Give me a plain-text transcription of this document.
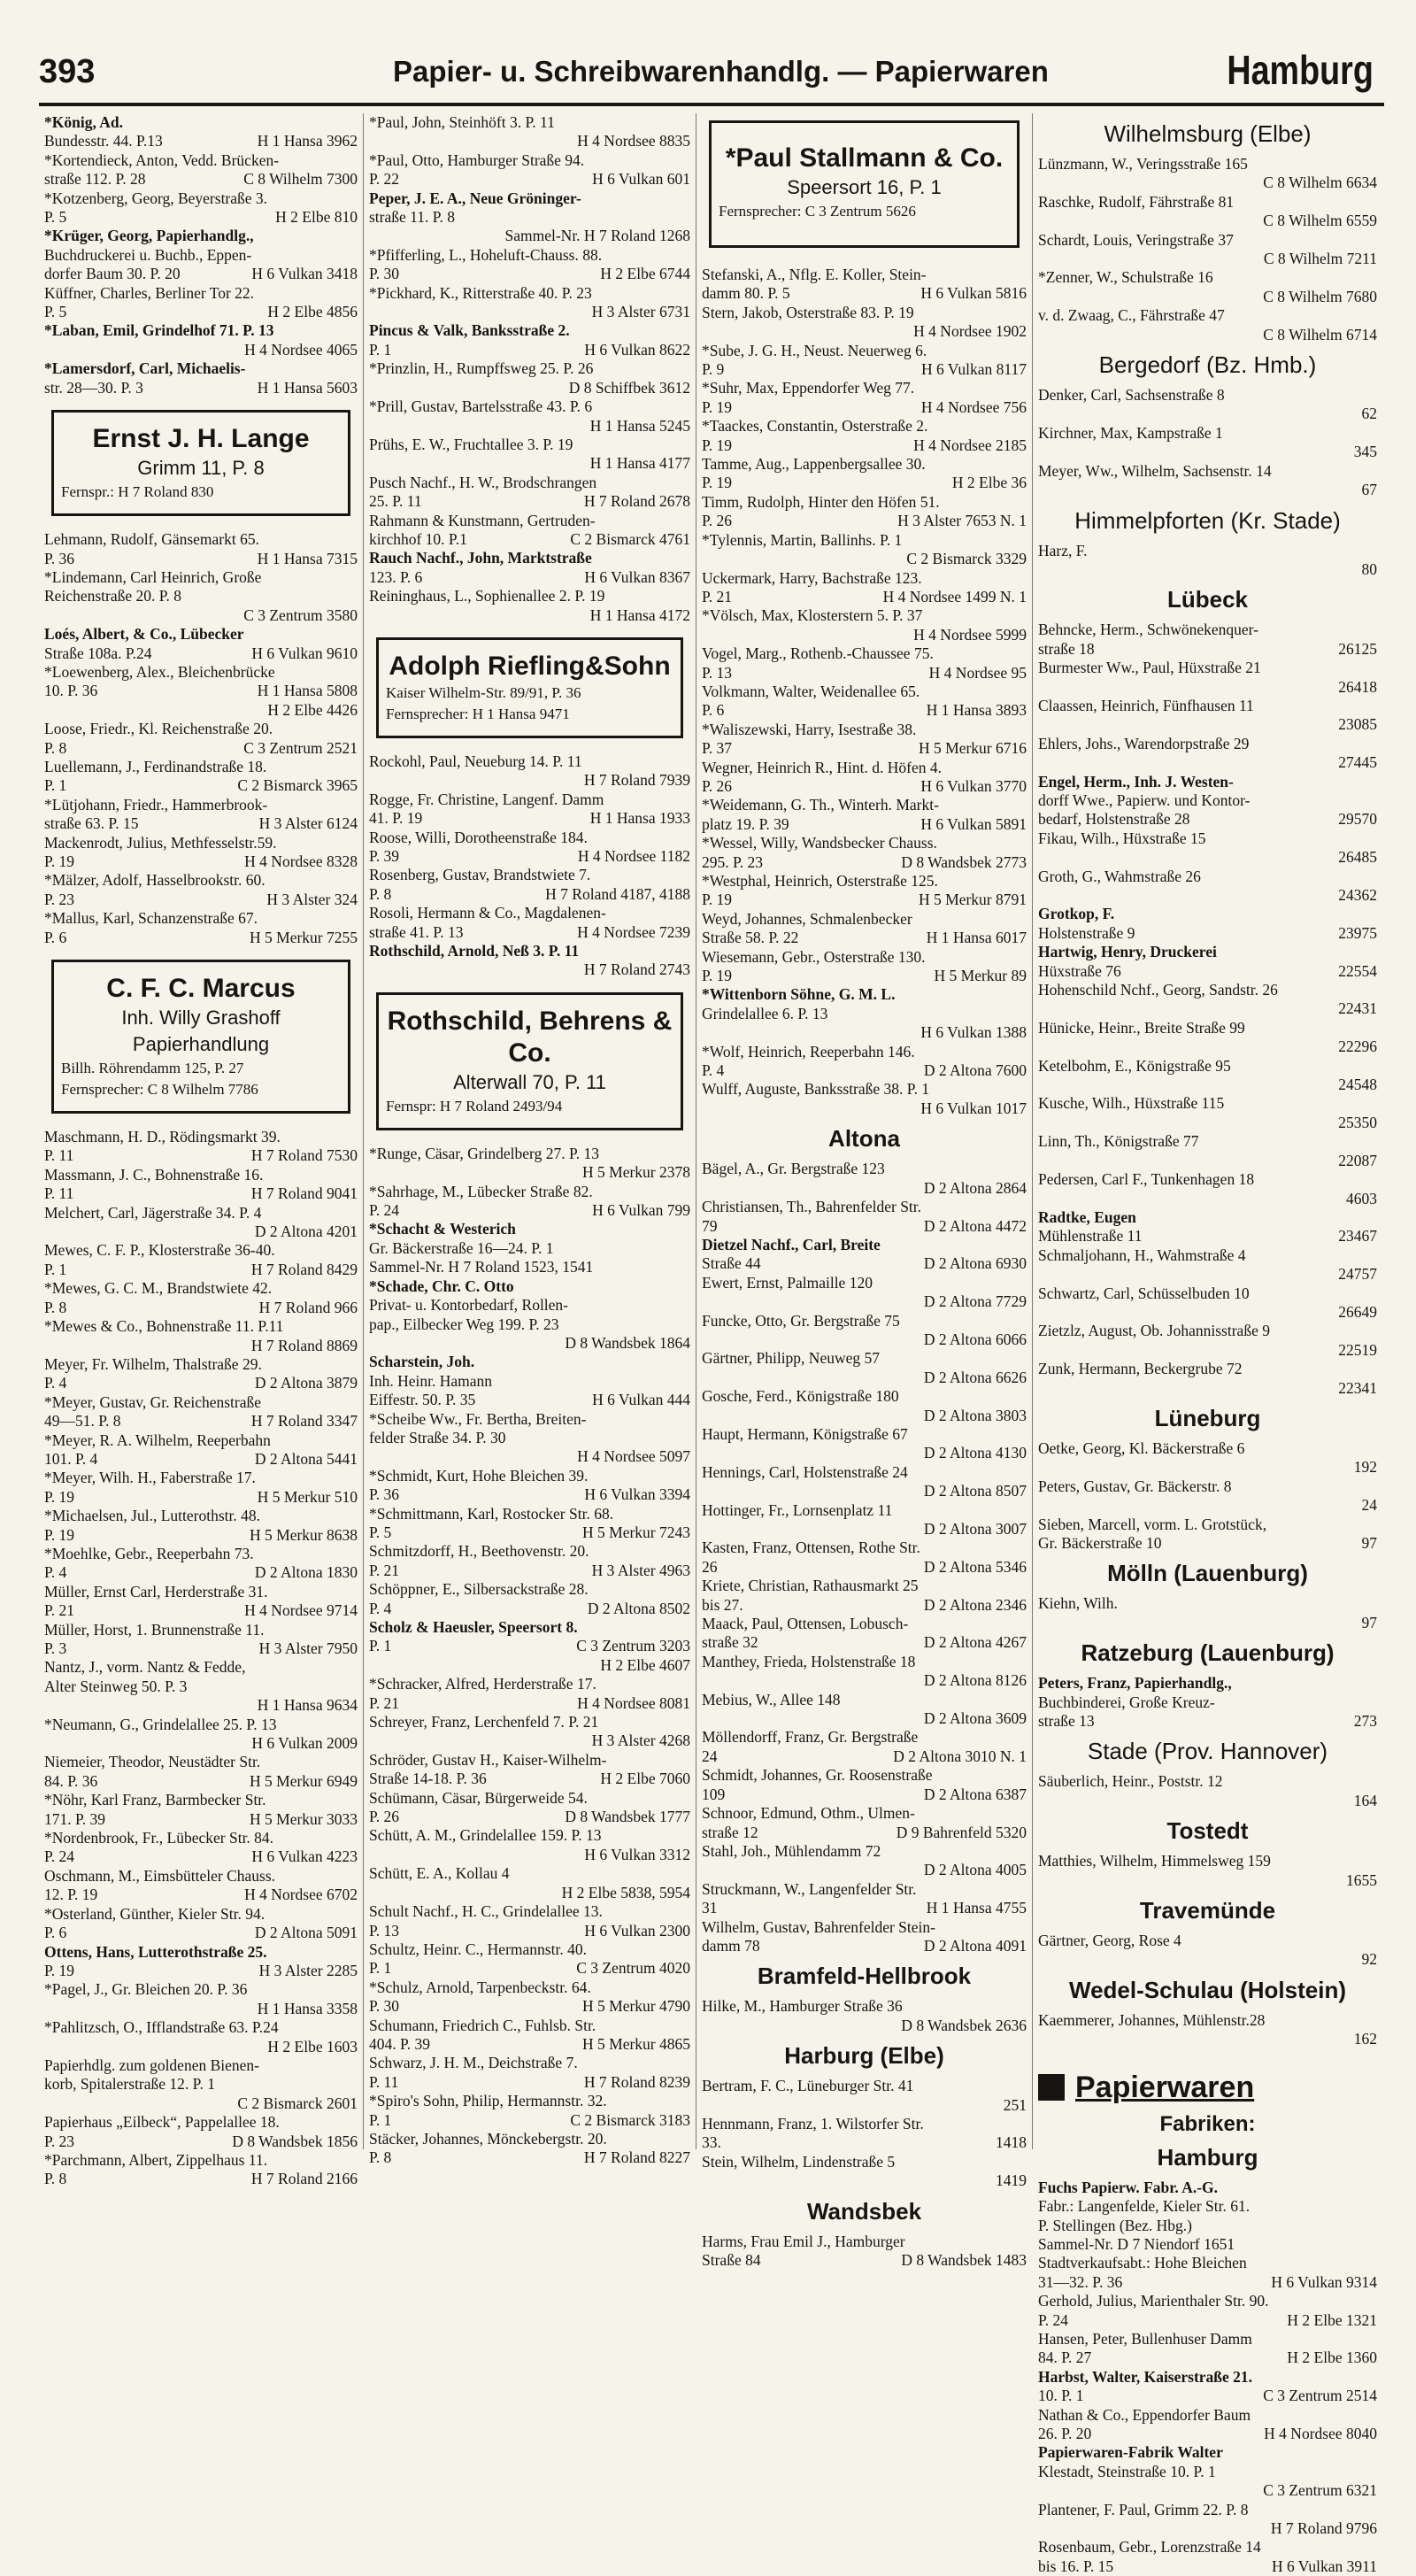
393	Papier- u. Schreibwarenhandlg. — Papierwaren	Hamburg
*König, Ad.
Bundesstr. 44. P.13	H 1 Hansa 3962
*Kortendieck, Anton, Vedd. Brücken-
straße 112. P. 28	C 8 Wilhelm 7300
*Kotzenberg, Georg, Beyerstraße 3.
P. 5	H 2 Elbe 810
*Krüger, Georg, Papierhandlg.,
Buchdruckerei u. Buchb., Eppen-
dorfer Baum 30. P. 20	H 6 Vulkan 3418
Küffner, Charles, Berliner Tor 22.
P. 5	H 2 Elbe 4856
*Laban, Emil, Grindelhof 71. P. 13
H 4 Nordsee 4065
*Lamersdorf, Carl, Michaelis-
str. 28—30. P. 3	H 1 Hansa 5603
Ernst J. H. Lange
Grimm 11, P. 8
Fernspr.: H 7 Roland 830
Lehmann, Rudolf, Gänsemarkt 65.
P. 36	H 1 Hansa 7315
*Lindemann, Carl Heinrich, Große
Reichenstraße 20. P. 8
C 3 Zentrum 3580
Loés, Albert, & Co., Lübecker
Straße 108a. P.24	H 6 Vulkan 9610
*Loewenberg, Alex., Bleichenbrücke
10. P. 36	H 1 Hansa 5808
H 2 Elbe 4426
Loose, Friedr., Kl. Reichenstraße 20.
P. 8	C 3 Zentrum 2521
Luellemann, J., Ferdinandstraße 18.
P. 1	C 2 Bismarck 3965
*Lütjohann, Friedr., Hammerbrook-
straße 63. P. 15	H 3 Alster 6124
Mackenrodt, Julius, Methfesselstr.59.
P. 19	H 4 Nordsee 8328
*Mälzer, Adolf, Hasselbrookstr. 60.
P. 23	H 3 Alster 324
*Mallus, Karl, Schanzenstraße 67.
P. 6	H 5 Merkur 7255
C. F. C. Marcus
Inh. Willy Grashoff
Papierhandlung
Billh. Röhrendamm 125, P. 27
Fernsprecher: C 8 Wilhelm 7786
Maschmann, H. D., Rödingsmarkt 39.
P. 11	H 7 Roland 7530
Massmann, J. C., Bohnenstraße 16.
P. 11	H 7 Roland 9041
Melchert, Carl, Jägerstraße 34. P. 4
D 2 Altona 4201
Mewes, C. F. P., Klosterstraße 36-40.
P. 1	H 7 Roland 8429
*Mewes, G. C. M., Brandstwiete 42.
P. 8	H 7 Roland 966
*Mewes & Co., Bohnenstraße 11. P.11
H 7 Roland 8869
Meyer, Fr. Wilhelm, Thalstraße 29.
P. 4	D 2 Altona 3879
*Meyer, Gustav, Gr. Reichenstraße
49—51. P. 8	H 7 Roland 3347
*Meyer, R. A. Wilhelm, Reeperbahn
101. P. 4	D 2 Altona 5441
*Meyer, Wilh. H., Faberstraße 17.
P. 19	H 5 Merkur 510
*Michaelsen, Jul., Lutterothstr. 48.
P. 19	H 5 Merkur 8638
*Moehlke, Gebr., Reeperbahn 73.
P. 4	D 2 Altona 1830
Müller, Ernst Carl, Herderstraße 31.
P. 21	H 4 Nordsee 9714
Müller, Horst, 1. Brunnenstraße 11.
P. 3	H 3 Alster 7950
Nantz, J., vorm. Nantz & Fedde,
Alter Steinweg 50. P. 3
H 1 Hansa 9634
*Neumann, G., Grindelallee 25. P. 13
H 6 Vulkan 2009
Niemeier, Theodor, Neustädter Str.
84. P. 36	H 5 Merkur 6949
*Nöhr, Karl Franz, Barmbecker Str.
171. P. 39	H 5 Merkur 3033
*Nordenbrook, Fr., Lübecker Str. 84.
P. 24	H 6 Vulkan 4223
Oschmann, M., Eimsbütteler Chauss.
12. P. 19	H 4 Nordsee 6702
*Osterland, Günther, Kieler Str. 94.
P. 6	D 2 Altona 5091
Ottens, Hans, Lutterothstraße 25.
P. 19	H 3 Alster 2285
*Pagel, J., Gr. Bleichen 20. P. 36
H 1 Hansa 3358
*Pahlitzsch, O., Ifflandstraße 63. P.24
H 2 Elbe 1603
Papierhdlg. zum goldenen Bienen-
korb, Spitalerstraße 12. P. 1
C 2 Bismarck 2601
Papierhaus „Eilbeck“, Pappelallee 18.
P. 23	D 8 Wandsbek 1856
*Parchmann, Albert, Zippelhaus 11.
P. 8	H 7 Roland 2166
*Paul, John, Steinhöft 3. P. 11
H 4 Nordsee 8835
*Paul, Otto, Hamburger Straße 94.
P. 22	H 6 Vulkan 601
Peper, J. E. A., Neue Gröninger-
straße 11. P. 8
Sammel-Nr. H 7 Roland 1268
*Pfifferling, L., Hoheluft-Chauss. 88.
P. 30	H 2 Elbe 6744
*Pickhard, K., Ritterstraße 40. P. 23
H 3 Alster 6731
Pincus & Valk, Banksstraße 2.
P. 1	H 6 Vulkan 8622
*Prinzlin, H., Rumpffsweg 25. P. 26
D 8 Schiffbek 3612
*Prill, Gustav, Bartelsstraße 43. P. 6
H 1 Hansa 5245
Prühs, E. W., Fruchtallee 3. P. 19
H 1 Hansa 4177
Pusch Nachf., H. W., Brodschrangen
25. P. 11	H 7 Roland 2678
Rahmann & Kunstmann, Gertruden-
kirchhof 10. P.1	C 2 Bismarck 4761
Rauch Nachf., John, Marktstraße
123. P. 6	H 6 Vulkan 8367
Reininghaus, L., Sophienallee 2. P. 19
H 1 Hansa 4172
Adolph Riefling&Sohn
Kaiser Wilhelm-Str. 89/91, P. 36
Fernsprecher: H 1 Hansa 9471
Rockohl, Paul, Neueburg 14. P. 11
H 7 Roland 7939
Rogge, Fr. Christine, Langenf. Damm
41. P. 19	H 1 Hansa 1933
Roose, Willi, Dorotheenstraße 184.
P. 39	H 4 Nordsee 1182
Rosenberg, Gustav, Brandstwiete 7.
P. 8	H 7 Roland 4187, 4188
Rosoli, Hermann & Co., Magdalenen-
straße 41. P. 13	H 4 Nordsee 7239
Rothschild, Arnold, Neß 3. P. 11
H 7 Roland 2743
Rothschild, Behrens & Co.
Alterwall 70, P. 11
Fernspr: H 7 Roland 2493/94
*Runge, Cäsar, Grindelberg 27. P. 13
H 5 Merkur 2378
*Sahrhage, M., Lübecker Straße 82.
P. 24	H 6 Vulkan 799
*Schacht & Westerich
Gr. Bäckerstraße 16—24. P. 1
Sammel-Nr. H 7 Roland 1523, 1541
*Schade, Chr. C. Otto
Privat- u. Kontorbedarf, Rollen-
pap., Eilbecker Weg 199. P. 23
D 8 Wandsbek 1864
Scharstein, Joh.
Inh. Heinr. Hamann
Eiffestr. 50. P. 35	H 6 Vulkan 444
*Scheibe Ww., Fr. Bertha, Breiten-
felder Straße 34. P. 30
H 4 Nordsee 5097
*Schmidt, Kurt, Hohe Bleichen 39.
P. 36	H 6 Vulkan 3394
*Schmittmann, Karl, Rostocker Str. 68.
P. 5	H 5 Merkur 7243
Schmitzdorff, H., Beethovenstr. 20.
P. 21	H 3 Alster 4963
Schöppner, E., Silbersackstraße 28.
P. 4	D 2 Altona 8502
Scholz & Haeusler, Speersort 8.
P. 1	C 3 Zentrum 3203
H 2 Elbe 4607
*Schracker, Alfred, Herderstraße 17.
P. 21	H 4 Nordsee 8081
Schreyer, Franz, Lerchenfeld 7. P. 21
H 3 Alster 4268
Schröder, Gustav H., Kaiser-Wilhelm-
Straße 14-18. P. 36	H 2 Elbe 7060
Schümann, Cäsar, Bürgerweide 54.
P. 26	D 8 Wandsbek 1777
Schütt, A. M., Grindelallee 159. P. 13
H 6 Vulkan 3312
Schütt, E. A., Kollau 4
H 2 Elbe 5838, 5954
Schult Nachf., H. C., Grindelallee 13.
P. 13	H 6 Vulkan 2300
Schultz, Heinr. C., Hermannstr. 40.
P. 1	C 3 Zentrum 4020
*Schulz, Arnold, Tarpenbeckstr. 64.
P. 30	H 5 Merkur 4790
Schumann, Friedrich C., Fuhlsb. Str.
404. P. 39	H 5 Merkur 4865
Schwarz, J. H. M., Deichstraße 7.
P. 11	H 7 Roland 8239
*Spiro's Sohn, Philip, Hermannstr. 32.
P. 1	C 2 Bismarck 3183
Stäcker, Johannes, Mönckebergstr. 20.
P. 8	H 7 Roland 8227
*Paul Stallmann & Co.
Speersort 16, P. 1
Fernsprecher: C 3 Zentrum 5626
Stefanski, A., Nflg. E. Koller, Stein-
damm 80. P. 5	H 6 Vulkan 5816
Stern, Jakob, Osterstraße 83. P. 19
H 4 Nordsee 1902
*Sube, J. G. H., Neust. Neuerweg 6.
P. 9	H 6 Vulkan 8117
*Suhr, Max, Eppendorfer Weg 77.
P. 19	H 4 Nordsee 756
*Taackes, Constantin, Osterstraße 2.
P. 19	H 4 Nordsee 2185
Tamme, Aug., Lappenbergsallee 30.
P. 19	H 2 Elbe 36
Timm, Rudolph, Hinter den Höfen 51.
P. 26	H 3 Alster 7653 N. 1
*Tylennis, Martin, Ballinhs. P. 1
C 2 Bismarck 3329
Uckermark, Harry, Bachstraße 123.
P. 21	H 4 Nordsee 1499 N. 1
*Völsch, Max, Klosterstern 5. P. 37
H 4 Nordsee 5999
Vogel, Marg., Rothenb.-Chaussee 75.
P. 13	H 4 Nordsee 95
Volkmann, Walter, Weidenallee 65.
P. 6	H 1 Hansa 3893
*Waliszewski, Harry, Isestraße 38.
P. 37	H 5 Merkur 6716
Wegner, Heinrich R., Hint. d. Höfen 4.
P. 26	H 6 Vulkan 3770
*Weidemann, G. Th., Winterh. Markt-
platz 19. P. 39	H 6 Vulkan 5891
*Wessel, Willy, Wandsbecker Chauss.
295. P. 23	D 8 Wandsbek 2773
*Westphal, Heinrich, Osterstraße 125.
P. 19	H 5 Merkur 8791
Weyd, Johannes, Schmalenbecker
Straße 58. P. 22	H 1 Hansa 6017
Wiesemann, Gebr., Osterstraße 130.
P. 19	H 5 Merkur 89
*Wittenborn Söhne, G. M. L.
Grindelallee 6. P. 13
H 6 Vulkan 1388
*Wolf, Heinrich, Reeperbahn 146.
P. 4	D 2 Altona 7600
Wulff, Auguste, Banksstraße 38. P. 1
H 6 Vulkan 1017
Altona
Bägel, A., Gr. Bergstraße 123
D 2 Altona 2864
Christiansen, Th., Bahrenfelder Str.
79	D 2 Altona 4472
Dietzel Nachf., Carl, Breite
Straße 44	D 2 Altona 6930
Ewert, Ernst, Palmaille 120
D 2 Altona 7729
Funcke, Otto, Gr. Bergstraße 75
D 2 Altona 6066
Gärtner, Philipp, Neuweg 57
D 2 Altona 6626
Gosche, Ferd., Königstraße 180
D 2 Altona 3803
Haupt, Hermann, Königstraße 67
D 2 Altona 4130
Hennings, Carl, Holstenstraße 24
D 2 Altona 8507
Hottinger, Fr., Lornsenplatz 11
D 2 Altona 3007
Kasten, Franz, Ottensen, Rothe Str.
26	D 2 Altona 5346
Kriete, Christian, Rathausmarkt 25
bis 27.	D 2 Altona 2346
Maack, Paul, Ottensen, Lobusch-
straße 32	D 2 Altona 4267
Manthey, Frieda, Holstenstraße 18
D 2 Altona 8126
Mebius, W., Allee 148
D 2 Altona 3609
Möllendorff, Franz, Gr. Bergstraße
24	D 2 Altona 3010 N. 1
Schmidt, Johannes, Gr. Roosenstraße
109	D 2 Altona 6387
Schnoor, Edmund, Othm., Ulmen-
straße 12	D 9 Bahrenfeld 5320
Stahl, Joh., Mühlendamm 72
D 2 Altona 4005
Struckmann, W., Langenfelder Str.
31	H 1 Hansa 4755
Wilhelm, Gustav, Bahrenfelder Stein-
damm 78	D 2 Altona 4091
Bramfeld-Hellbrook
Hilke, M., Hamburger Straße 36
D 8 Wandsbek 2636
Harburg (Elbe)
Bertram, F. C., Lüneburger Str. 41
251
Hennmann, Franz, 1. Wilstorfer Str.
33.	1418
Stein, Wilhelm, Lindenstraße 5
1419
Wandsbek
Harms, Frau Emil J., Hamburger
Straße 84	D 8 Wandsbek 1483
Wilhelmsburg (Elbe)
Lünzmann, W., Veringsstraße 165
C 8 Wilhelm 6634
Raschke, Rudolf, Fährstraße 81
C 8 Wilhelm 6559
Schardt, Louis, Veringstraße 37
C 8 Wilhelm 7211
*Zenner, W., Schulstraße 16
C 8 Wilhelm 7680
v. d. Zwaag, C., Fährstraße 47
C 8 Wilhelm 6714
Bergedorf (Bz. Hmb.)
Denker, Carl, Sachsenstraße 8
62
Kirchner, Max, Kampstraße 1
345
Meyer, Ww., Wilhelm, Sachsenstr. 14
67
Himmelpforten (Kr. Stade)
Harz, F.
80
Lübeck
Behncke, Herm., Schwönekenquer-
straße 18	26125
Burmester Ww., Paul, Hüxstraße 21
26418
Claassen, Heinrich, Fünfhausen 11
23085
Ehlers, Johs., Warendorpstraße 29
27445
Engel, Herm., Inh. J. Westen-
dorff Wwe., Papierw. und Kontor-
bedarf, Holstenstraße 28	29570
Fikau, Wilh., Hüxstraße 15
26485
Groth, G., Wahmstraße 26
24362
Grotkop, F.
Holstenstraße 9	23975
Hartwig, Henry, Druckerei
Hüxstraße 76	22554
Hohenschild Nchf., Georg, Sandstr. 26
22431
Hünicke, Heinr., Breite Straße 99
22296
Ketelbohm, E., Königstraße 95
24548
Kusche, Wilh., Hüxstraße 115
25350
Linn, Th., Königstraße 77
22087
Pedersen, Carl F., Tunkenhagen 18
4603
Radtke, Eugen
Mühlenstraße 11	23467
Schmaljohann, H., Wahmstraße 4
24757
Schwartz, Carl, Schüsselbuden 10
26649
Zietzlz, August, Ob. Johannisstraße 9
22519
Zunk, Hermann, Beckergrube 72
22341
Lüneburg
Oetke, Georg, Kl. Bäckerstraße 6
192
Peters, Gustav, Gr. Bäckerstr. 8
24
Sieben, Marcell, vorm. L. Grotstück,
Gr. Bäckerstraße 10	97
Mölln (Lauenburg)
Kiehn, Wilh.
97
Ratzeburg (Lauenburg)
Peters, Franz, Papierhandlg.,
Buchbinderei, Große Kreuz-
straße 13	273
Stade (Prov. Hannover)
Säuberlich, Heinr., Poststr. 12
164
Tostedt
Matthies, Wilhelm, Himmelsweg 159
1655
Travemünde
Gärtner, Georg, Rose 4
92
Wedel-Schulau (Holstein)
Kaemmerer, Johannes, Mühlenstr.28
162
Papierwaren
Fabriken:
Hamburg
Fuchs Papierw. Fabr. A.-G.
Fabr.: Langenfelde, Kieler Str. 61.
P. Stellingen (Bez. Hbg.)
Sammel-Nr. D 7 Niendorf 1651
Stadtverkaufsabt.: Hohe Bleichen
31—32. P. 36	H 6 Vulkan 9314
Gerhold, Julius, Marienthaler Str. 90.
P. 24	H 2 Elbe 1321
Hansen, Peter, Bullenhuser Damm
84. P. 27	H 2 Elbe 1360
Harbst, Walter, Kaiserstraße 21.
10. P. 1	C 3 Zentrum 2514
Nathan & Co., Eppendorfer Baum
26. P. 20	H 4 Nordsee 8040
Papierwaren-Fabrik Walter
Klestadt, Steinstraße 10. P. 1
C 3 Zentrum 6321
Plantener, F. Paul, Grimm 22. P. 8
H 7 Roland 9796
Rosenbaum, Gebr., Lorenzstraße 14
bis 16. P. 15	H 6 Vulkan 3911
